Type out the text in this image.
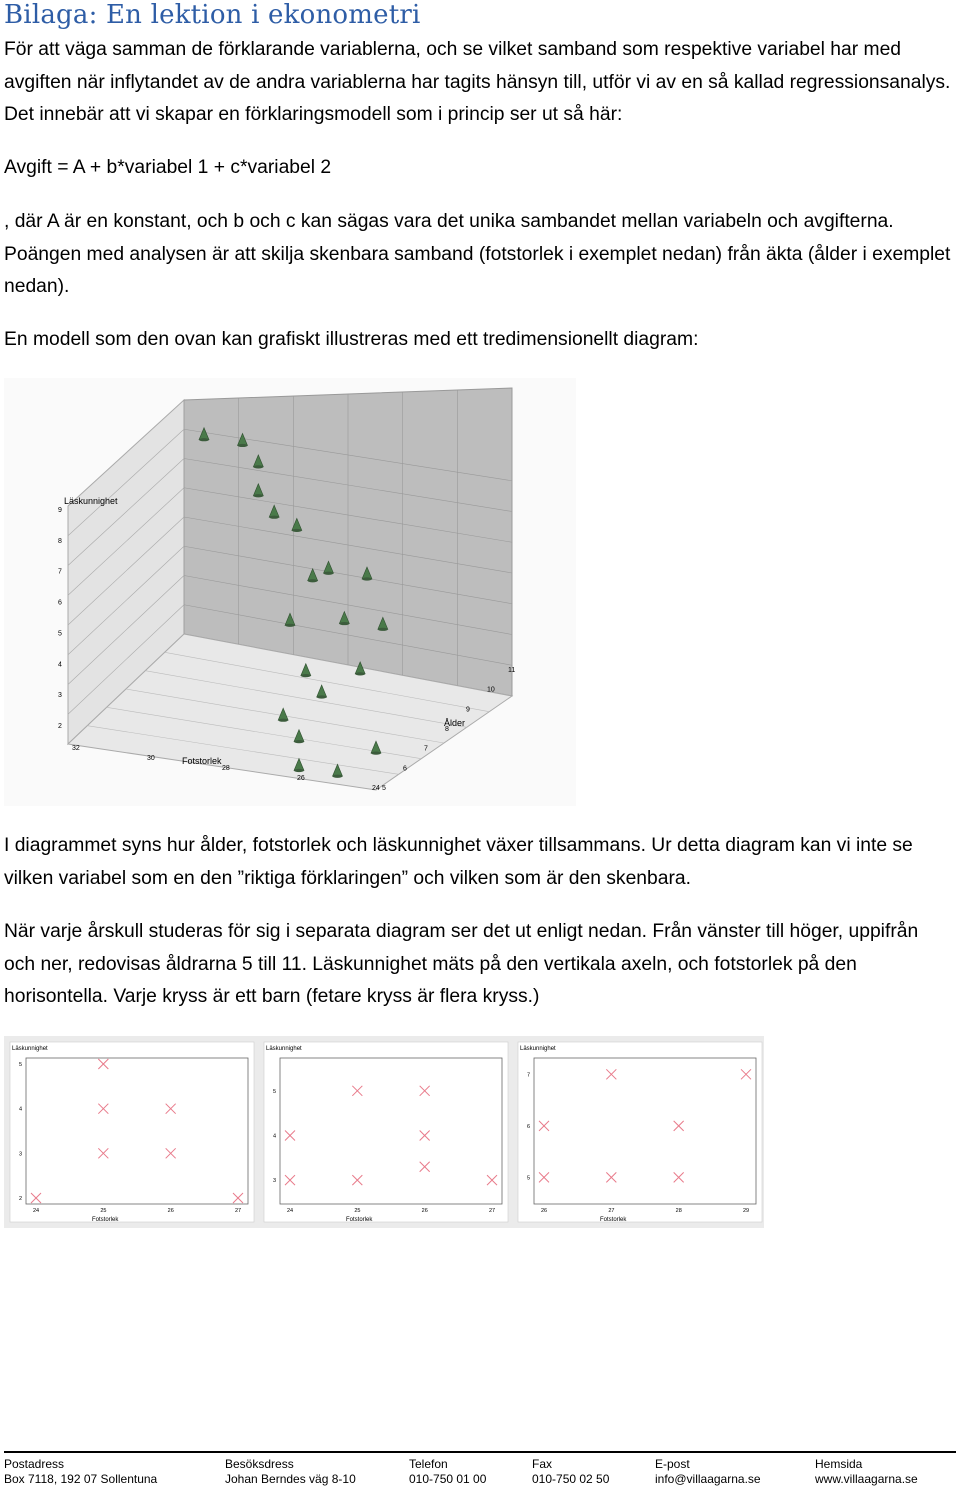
Bilaga: En lektion i ekonometri

För att väga samman de förklarande variablerna, och se vilket samband som respektive variabel har med avgiften när inflytandet av de andra variablerna har tagits hänsyn till, utför vi av en så kallad regressionsanalys. Det innebär att vi skapar en förklaringsmodell som i princip ser ut så här:

Avgift = A + b*variabel 1 + c*variabel 2

, där A är en konstant, och b och c kan sägas vara det unika sambandet mellan variabeln och avgifterna. Poängen med analysen är att skilja skenbara samband (fotstorlek i exemplet nedan) från äkta (ålder i exemplet nedan).

En modell som den ovan kan grafiskt illustreras med ett tredimensionellt diagram:

2
3
4
5
6
7
8
9
32
30
28
26
24 5
6
7
8
9
10
11
Läskunnighet
Fotstorlek
Ålder

I diagrammet syns hur ålder, fotstorlek och läskunnighet växer tillsammans. Ur detta diagram kan vi inte se vilken variabel som en den ”riktiga förklaringen” och vilken som är den skenbara.

När varje årskull studeras för sig i separata diagram ser det ut enligt nedan. Från vänster till höger, uppifrån och ner, redovisas åldrarna 5 till 11. Läskunnighet mäts på den vertikala axeln, och fotstorlek på den horisontella. Varje kryss är ett barn (fetare kryss är flera kryss.)

Läskunnighet
Fotstorlek
24	25	26	27
2
3
4
5
Läskunnighet
Fotstorlek
24	25	26	27
3
4
5
Läskunnighet
Fotstorlek
26	27	28	29
5
6
7
Postadress
Box 7118, 192 07 Sollentuna
Besöksdress
Johan Berndes väg 8-10
Telefon
010-750 01 00
Fax
010-750 02 50
E-post
info@villaagarna.se
Hemsida
www.villaagarna.se
